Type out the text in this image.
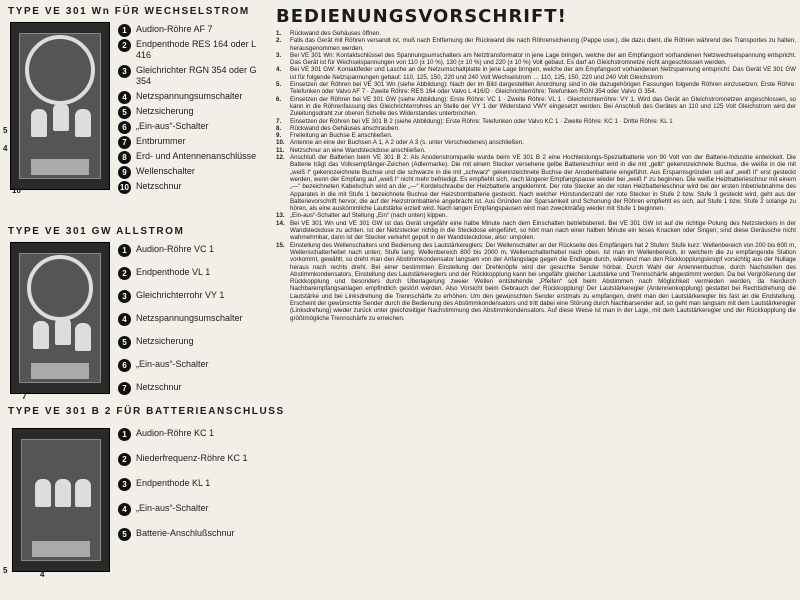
TYPE VE 301 Wn FÜR WECHSELSTROM
5
4
10
1	Audion-Röhre AF 7
2	Endpenthode RES 164 oder L 416
3	Gleichrichter RGN 354 oder G 354
4	Netzspannungsumschalter
5	Netzsicherung
6	„Ein-aus“-Schalter
7	Entbrummer
8	Erd- und Antennenanschlüsse
9	Wellenschalter
10 Netzschnur
TYPE VE 301 GW ALLSTROM
7
1	Audion-Röhre VC 1
2	Endpenthode VL 1
3	Gleichrichterrohr VY 1
4	Netzspannungsumschalter
5	Netzsicherung
6	„Ein-aus“-Schalter
7	Netzschnur
TYPE VE 301 B 2 FÜR BATTERIEANSCHLUSS
5	4
1	Audion-Röhre KC 1
2	Niederfrequenz-Röhre KC 1
3	Endpenthode KL 1
4	„Ein-aus“-Schalter
5	Batterie-Anschlußschnur
BEDIENUNGSVORSCHRIFT!
1. Rückwand des Gehäuses öffnen.
2. Falls das Gerät mit Röhren versandt ist, muß nach Entfernung der Rückwand die nach Röhrensicherung (Pappe usw.), die dazu dient, die Röhren während des Transportes zu halten, herausgenommen werden.
3. Bei VE 301 Wn: Kontaktschlüssel des Spannungsumschalters am Netztransformator in jene Lage bringen, welche der am Empfangsort vorhandenen Netzwechselspannung entspricht. Das Gerät ist für Wechselspannungen von 110 (± 10 %), 130 (± 10 %) und 220 (± 10 %) Volt gebaut. Es darf an Gleichstromnetze nicht angeschlossen werden.
4. Bei VE 301 GW: Kontaktfeder und Lasche an der Netzumschaltplatte in jene Lage bringen, welche der am Empfangsort vorhandenen Netzspannung entspricht. Das Gerät VE 301 GW ist für folgende Netzspannungen gebaut: 110, 125, 150, 220 und 240 Volt Wechselstrom … 110, 125, 150, 220 und 240 Volt Gleichstrom
5. Einsetzen der Röhren bei VE 301 Wn (siehe Abbildung): Nach der im Bild dargestellten Anordnung sind in die dazugehörigen Fassungen folgende Röhren einzusetzen: Erste Röhre: Telefunken oder Valvo AF 7 · Zweite Röhre: RES 164 oder Valvo L 416/D · Gleichrichterröhre: Telefunken RGN 354 oder Valvo G 354.
6. Einsetzen der Röhren bei VE 301 GW (siehe Abbildung): Erste Röhre: VC 1 · Zweite Röhre: VL 1 · Gleichrichterröhre: VY 1. Wird das Gerät an Gleichstromnetzen angeschlossen, so kann in die Röhrenfassung des Gleichrichterrohres an Stelle der VY 1 der Widerstand VWY eingesetzt werden. Bei Anschluß des Gerätes an 110 und 125 Volt Gleichstrom wird der Zuleitungsdraht zur oberen Schelle des Widerstandes unterbrochen.
7. Einsetzen der Röhren bei VE 301 B 2 (siehe Abbildung): Erste Röhre: Telefunken oder Valvo KC 1 · Zweite Röhre: KC 1 · Dritte Röhre: KL 1
8. Rückwand des Gehäuses anschrauben.
9. Freileitung an Buchse E anschließen.
10. Antenne an eine der Buchsen A 1, A 2 oder A 3 (s. unter Verschiedenes) anschließen.
11. Netzschnur an eine Wandsteckdose anschließen.
12. Anschluß der Batterien beim VE 301 B 2: Als Anodenstromquelle wurde beim VE 301 B 2 eine Hochleistungs-Spezialbatterie von 90 Volt von der Batterie-Industrie entwickelt. Die Batterie trägt das Volksempfänger-Zeichen (Adlermarke). Die mit einem Stecker versehene gelbe Batterieschnur wird in die mit „gelb“ gekennzeichnete Buchse, die weiße in die mit „weiß I“ gekennzeichnete Buchse und die schwarze in die mit „schwarz“ gekennzeichnete Buchse der Anodenbatterie eingeführt. Aus Ersparnisgründen soll auf „weiß II“ erst gesteckt werden, wenn der Empfang auf „weiß I“ nicht mehr befriedigt. Es empfiehlt sich, nach längerer Empfangspause wieder bei „weiß I“ zu beginnen. Die weiße Heizbatterieschnur mit einem „—“ bezeichneten Kabelschuh wird an die „—“ Kordelschraube der Heizbatterie angeklemmt. Der rote Stecker an der roten Heizbatterieschnur wird bei der ersten Inbetriebnahme des Apparates in die mit Stufe 1 bezeichnete Buchse der Heizstrombatterie gesteckt. Nach welcher Hörstundenzahl der rote Stecker in Stufe 2 bzw. Stufe 3 gesteckt wird, geht aus der Batterievorschrift hervor, die auf der Heizstrombatterie angebracht ist. Aus Gründen der Sparsamkeit und Schonung der Röhren empfiehlt es sich, auf Stufe 1 bzw. Stufe 2 solange zu hören, als eine auskömmliche Lautstärke erzielt wird. Nach langen Empfangspausen wird man zweckmäßig wieder mit Stufe 1 beginnen.
13. „Ein-aus“-Schalter auf Stellung „Ein“ (nach unten) kippen.
14. Bei VE 301 Wn und VE 301 GW ist das Gerät ungefähr eine halbe Minute nach dem Einschalten betriebsbereit. Bei VE 301 GW ist auf die richtige Polung des Netzsteckers in der Wandsteckdose zu achten. Ist der Netzstecker richtig in die Steckdose eingeführt, so hört man nach einer halben Minute ein leises Knacken oder Singen; sind diese Geräusche nicht wahrnehmbar, dann ist der Stecker verkehrt gepolt in der Wandsteckdose, also: umpolen.
15. Einstellung des Wellenschalters und Bedienung des Lautstärkereglers: Der Wellenschalter an der Rückseite des Empfängers hat 2 Stufen: Stufe kurz: Wellenbereich von 200 bis 600 m, Wellenschalterhebel nach unten; Stufe lang: Wellenbereich 800 bis 2000 m, Wellenschalterhebel nach oben. Ist man im Wellenbereich, in welchem die zu empfangende Station vorkommt, gewählt, so dreht man den Abstimmkondensator langsam von der Anfangslage gegen die Endlage durch, während man den Rückkopplungsknopf vorsichtig aus der Nullage heraus nach rechts dreht. Bei einer bestimmten Einstellung der Drehknöpfe wird der gesuchte Sender hörbar. Durch Wahl der Antennenbuchse, durch Nachstellen des Abstimmkondensators, Einstellung des Lautstärkereglers und der Rückkopplung kann bei ungefähr gleicher Lautstärke und Trennschärfe abgestimmt werden. Da bei Vergrößerung der Rückkopplung und besonders durch Überlagerung zweier Wellen entstehende „Pfeifen“ soll beim Abstimmen nach Möglichkeit vermieden werden, da hierdurch Nachbarempfangsanlagen empfindlich gestört werden. Also Vorsicht beim Gebrauch der Rückkopplung! Der Lautstärkeregler (Antennenkopplung) gestattet bei Rechtsdrehung die Lautstärke und bei Linksdrehung die Trennschärfe zu erhöhen. Um den gewünschten Sender erstmals zu empfangen, dreht man den Lautstärkeregler bis fast an die Endstellung. Erscheint der gewünschte Sender durch die Bedienung des Abstimmkondensators und tritt dabei eine Störung durch Nachbarsender auf, so geht man langsam mit dem Lautstärkeregler (Linksdrehung) wieder zurück unter gleichzeitiger Nachstimmung des Abstimmkondensators. Auf diese Weise ist man in der Lage, mit dem Lautstärkeregler und der Rückkopplung die größtmögliche Trennschärfe zu erreichen.
